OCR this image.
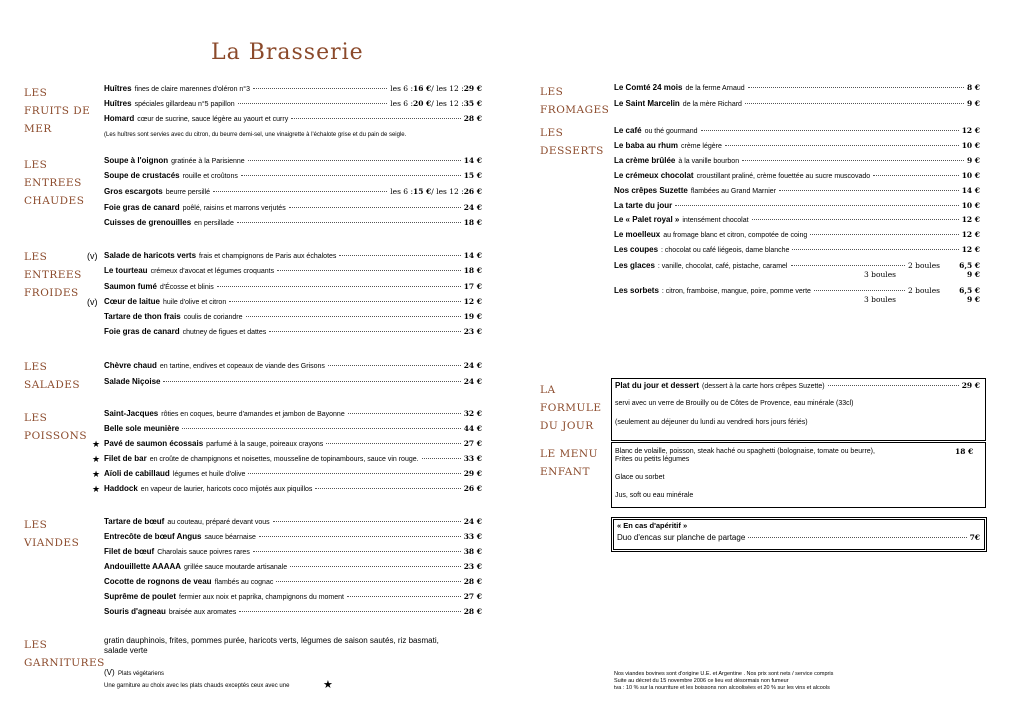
La Brasserie
LES
FRUITS DE
MER
LES
ENTREES
CHAUDES
LES
ENTREES
FROIDES
LES
SALADES
LES
POISSONS
LES
VIANDES
LES
GARNITURES
LES
FROMAGES
LES
DESSERTS
LA
FORMULE
DU JOUR
LE MENU
ENFANT
Homard cœur de sucrine, sauce légère au yaourt et curry	28 €
Soupe à l'oignon gratinée à la Parisienne	14 €
Soupe de crustacés rouille et croûtons	15 €
Foie gras de canard poêlé, raisins et marrons verjutés	24 €
Cuisses de grenouilles en persillade	18 €
(v) Salade de haricots verts frais et champignons de Paris aux échalotes	14 €
Le tourteau crémeux d'avocat et légumes croquants	18 €
Saumon fumé d'Écosse et blinis	17 €
(v) Cœur de laitue huile d'olive et citron	12 €
Tartare de thon frais coulis de coriandre	19 €
Foie gras de canard chutney de figues et dattes	23 €
Chèvre chaud en tartine, endives et copeaux de viande des Grisons	24 €
Salade Niçoise	24 €
Saint-Jacques rôties en coques, beurre d'amandes et jambon de Bayonne	32 €
Belle sole meunière	44 €
★ Pavé de saumon écossais parfumé à la sauge, poireaux crayons	27 €
★ Filet de bar en croûte de champignons et noisettes, mousseline de topinambours, sauce vin rouge.	33 €
★ Aïoli de cabillaud légumes et huile d'olive	29 €
★ Haddock en vapeur de laurier, haricots coco mijotés aux piquillos	26 €
Tartare de bœuf au couteau, préparé devant vous	24 €
Entrecôte de bœuf Angus sauce béarnaise	33 €
Filet de bœuf Charolais sauce poivres rares	38 €
Andouillette AAAAA grillée sauce moutarde artisanale	23 €
Cocotte de rognons de veau flambés au cognac	28 €
Suprême de poulet fermier aux noix et paprika, champignons du moment	27 €
Souris d'agneau braisée aux aromates	28 €
Le Comté 24 mois de la ferme Arnaud	8 €
Le Saint Marcelin de la mère Richard	9 €
Le café ou thé gourmand	12 €
Le baba au rhum crème légère	10 €
La crème brûlée à la vanille bourbon	9 €
Le crémeux chocolat croustillant praliné, crème fouettée au sucre muscovado	10 €
Nos crêpes Suzette flambées au Grand Marnier	14 €
La tarte du jour	10 €
Le « Palet royal » intensément chocolat	12 €
Le moelleux au fromage blanc et citron, compotée de coing	12 €
Les coupes : chocolat ou café liégeois, dame blanche	12 €
Huîtres fines de claire marennes d'oléron n°3	les 6 : 16 € / les 12 : 29 €
Huîtres spéciales gillardeau n°5 papillon	les 6 : 20 € / les 12 : 35 €
Gros escargots beurre persillé	les 6 : 15 € / les 12 : 26 €
Les glaces : vanille, chocolat, café, pistache, caramel	2 boules	6,5 €
3 boules	9 €
Les sorbets : citron, framboise, mangue, poire, pomme verte	2 boules	6,5 €
3 boules	9 €
(Les huîtres sont servies avec du citron, du beurre demi-sel, une vinaigrette à l'échalote grise et du pain de seigle.
gratin dauphinois, frites, pommes purée, haricots verts, légumes de saison sautés, riz basmati,
salade verte
(V) Plats végétariens
Une garniture au choix avec les plats chauds exceptés ceux avec une	★
Plat du jour et dessert (dessert à la carte hors crêpes Suzette)	29 €
servi avec un verre de Brouilly ou de Côtes de Provence, eau minérale (33cl)
(seulement au déjeuner du lundi au vendredi hors jours fériés)
Blanc de volaille, poisson, steak haché ou spaghetti (bolognaise, tomate ou beurre),
Frites ou petits légumes
18 €
Glace ou sorbet
Jus, soft ou eau minérale
« En cas d'apéritif »
Duo d'encas sur planche de partage	7€
Nos viandes bovines sont d'origine U.E. et Argentine . Nos prix sont nets / service compris
Suite au décret du 15 novembre 2006 ce lieu est désormais non fumeur
tva : 10 % sur la nourriture et les boissons non alcoolisées et 20 % sur les vins et alcools
